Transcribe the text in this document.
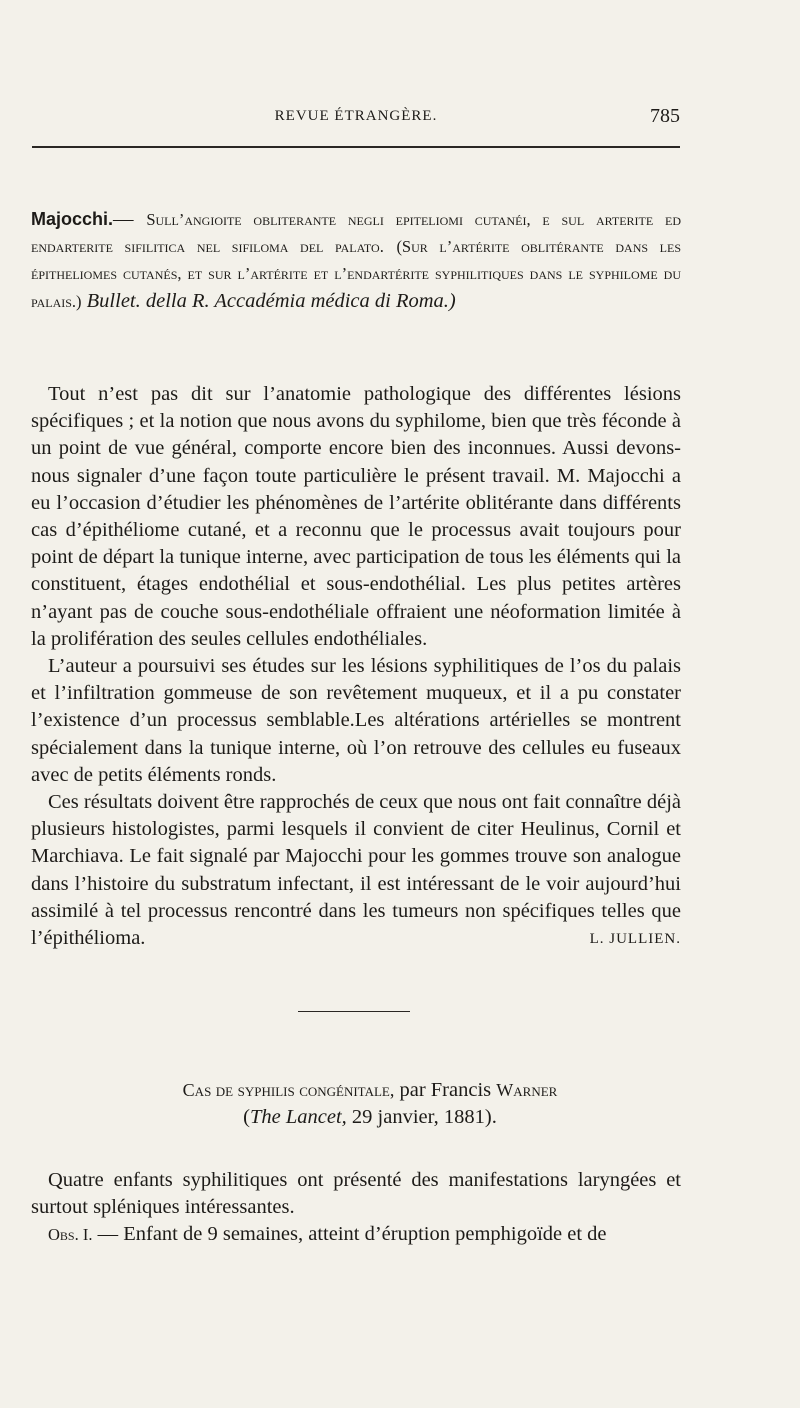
REVUE ÉTRANGÈRE.	785
Majocchi.— Sull’angioite obliterante negli epiteliomi cutanéi, e sul arterite ed endarterite sifilitica nel sifiloma del palato. (Sur l’artérite oblitérante dans les épitheliomes cutanés, et sur l’artérite et l’endartérite syphilitiques dans le syphilome du palais.) Bullet. della R. Accadémia médica di Roma.)

Tout n’est pas dit sur l’anatomie pathologique des différentes lésions spécifiques ; et la notion que nous avons du syphilome, bien que très féconde à un point de vue général, comporte encore bien des inconnues. Aussi devons-nous signaler d’une façon toute particulière le présent travail. M. Majocchi a eu l’occasion d’étudier les phénomènes de l’artérite oblitérante dans différents cas d’épithéliome cutané, et a reconnu que le processus avait toujours pour point de départ la tunique interne, avec participation de tous les éléments qui la constituent, étages endothélial et sous-endothélial. Les plus petites artères n’ayant pas de couche sous-endothéliale offraient une néoformation limitée à la prolifération des seules cellules endothéliales.

L’auteur a poursuivi ses études sur les lésions syphilitiques de l’os du palais et l’infiltration gommeuse de son revêtement muqueux, et il a pu constater l’existence d’un processus semblable.Les altérations artérielles se montrent spécialement dans la tunique interne, où l’on retrouve des cellules eu fuseaux avec de petits éléments ronds.

Ces résultats doivent être rapprochés de ceux que nous ont fait connaître déjà plusieurs histologistes, parmi lesquels il convient de citer Heulinus, Cornil et Marchiava. Le fait signalé par Majocchi pour les gommes trouve son analogue dans l’histoire du substratum infectant, il est intéressant de le voir aujourd’hui assimilé à tel processus rencontré dans les tumeurs non spécifiques telles que l’épithélioma.	L. JULLIEN.

Cas de syphilis congénitale, par Francis Warner
(The Lancet, 29 janvier, 1881).

Quatre enfants syphilitiques ont présenté des manifestations laryngées et surtout spléniques intéressantes.

Obs. I. — Enfant de 9 semaines, atteint d’éruption pemphigoïde et de
